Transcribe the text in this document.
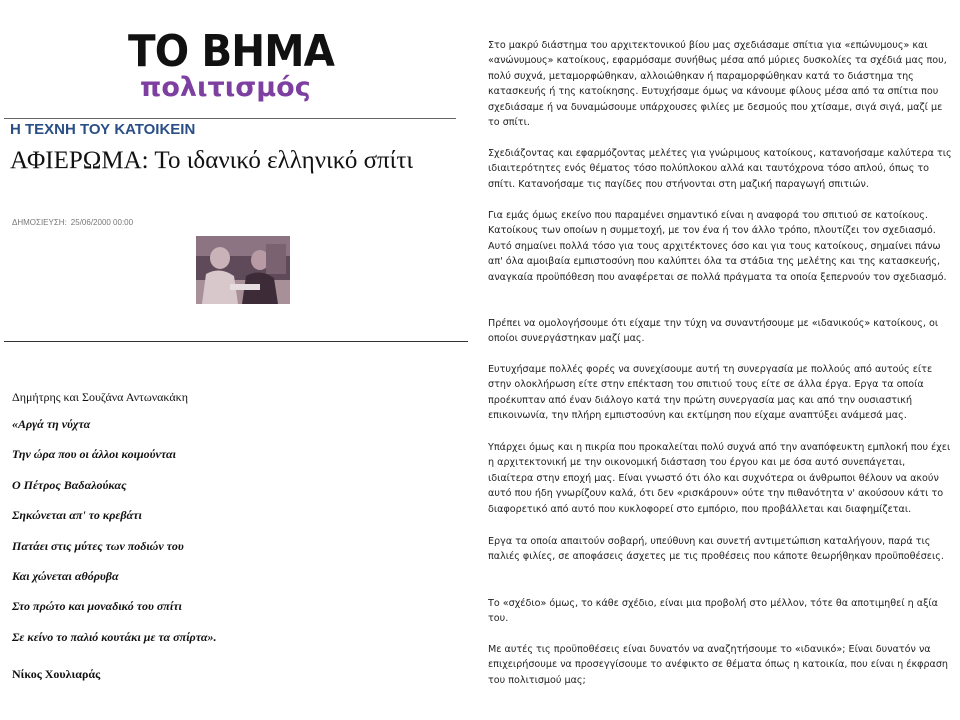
ΤΟ ΒΗΜΑ
πολιτισμός
Η ΤΕΧΝΗ ΤΟΥ ΚΑΤΟΙΚΕΙΝ
ΑΦΙΕΡΩΜΑ: Το ιδανικό ελληνικό σπίτι
ΔΗΜΟΣΙΕΥΣΗ: 25/06/2000 00:00
Δημήτρης και Σουζάνα Αντωνακάκη
«Αργά τη νύχτα
Την ώρα που οι άλλοι κοιμούνται
Ο Πέτρος Βαδαλούκας
Σηκώνεται απ' το κρεβάτι
Πατάει στις μύτες των ποδιών του
Και χώνεται αθόρυβα
Στο πρώτο και μοναδικό του σπίτι
Σε κείνο το παλιό κουτάκι με τα σπίρτα».
Νίκος Χουλιαράς

Στο μακρύ διάστημα του αρχιτεκτονικού βίου μας σχεδιάσαμε σπίτια για «επώνυμους» και «ανώνυμους» κατοίκους, εφαρμόσαμε συνήθως μέσα από μύριες δυσκολίες τα σχέδιά μας που, πολύ συχνά, μεταμορφώθηκαν, αλλοιώθηκαν ή παραμορφώθηκαν κατά το διάστημα της κατασκευής ή της κατοίκησης. Ευτυχήσαμε όμως να κάνουμε φίλους μέσα από τα σπίτια που σχεδιάσαμε ή να δυναμώσουμε υπάρχουσες φιλίες με δεσμούς που χτίσαμε, σιγά σιγά, μαζί με το σπίτι.

Σχεδιάζοντας και εφαρμόζοντας μελέτες για γνώριμους κατοίκους, κατανοήσαμε καλύτερα τις ιδιαιτερότητες ενός θέματος τόσο πολύπλοκου αλλά και ταυτόχρονα τόσο απλού, όπως το σπίτι. Κατανοήσαμε τις παγίδες που στήνονται στη μαζική παραγωγή σπιτιών.

Για εμάς όμως εκείνο που παραμένει σημαντικό είναι η αναφορά του σπιτιού σε κατοίκους. Κατοίκους των οποίων η συμμετοχή, με τον ένα ή τον άλλο τρόπο, πλουτίζει τον σχεδιασμό. Αυτό σημαίνει πολλά τόσο για τους αρχιτέκτονες όσο και για τους κατοίκους, σημαίνει πάνω απ' όλα αμοιβαία εμπιστοσύνη που καλύπτει όλα τα στάδια της μελέτης και της κατασκευής, αναγκαία προϋπόθεση που αναφέρεται σε πολλά πράγματα τα οποία ξεπερνούν τον σχεδιασμό.

Πρέπει να ομολογήσουμε ότι είχαμε την τύχη να συναντήσουμε με «ιδανικούς» κατοίκους, οι οποίοι συνεργάστηκαν μαζί μας.

Ευτυχήσαμε πολλές φορές να συνεχίσουμε αυτή τη συνεργασία με πολλούς από αυτούς είτε στην ολοκλήρωση είτε στην επέκταση του σπιτιού τους είτε σε άλλα έργα. Εργα τα οποία προέκυπταν από έναν διάλογο κατά την πρώτη συνεργασία μας και από την ουσιαστική επικοινωνία, την πλήρη εμπιστοσύνη και εκτίμηση που είχαμε αναπτύξει ανάμεσά μας.

Υπάρχει όμως και η πικρία που προκαλείται πολύ συχνά από την αναπόφευκτη εμπλοκή που έχει η αρχιτεκτονική με την οικονομική διάσταση του έργου και με όσα αυτό συνεπάγεται, ιδιαίτερα στην εποχή μας. Είναι γνωστό ότι όλο και συχνότερα οι άνθρωποι θέλουν να ακούν αυτό που ήδη γνωρίζουν καλά, ότι δεν «ρισκάρουν» ούτε την πιθανότητα ν' ακούσουν κάτι το διαφορετικό από αυτό που κυκλοφορεί στο εμπόριο, που προβάλλεται και διαφημίζεται.

Εργα τα οποία απαιτούν σοβαρή, υπεύθυνη και συνετή αντιμετώπιση καταλήγουν, παρά τις παλιές φιλίες, σε αποφάσεις άσχετες με τις προθέσεις που κάποτε θεωρήθηκαν προϋποθέσεις.

Το «σχέδιο» όμως, το κάθε σχέδιο, είναι μια προβολή στο μέλλον, τότε θα αποτιμηθεί η αξία του.

Με αυτές τις προϋποθέσεις είναι δυνατόν να αναζητήσουμε το «ιδανικό»; Είναι δυνατόν να επιχειρήσουμε να προσεγγίσουμε το ανέφικτο σε θέματα όπως η κατοικία, που είναι η έκφραση του πολιτισμού μας;
